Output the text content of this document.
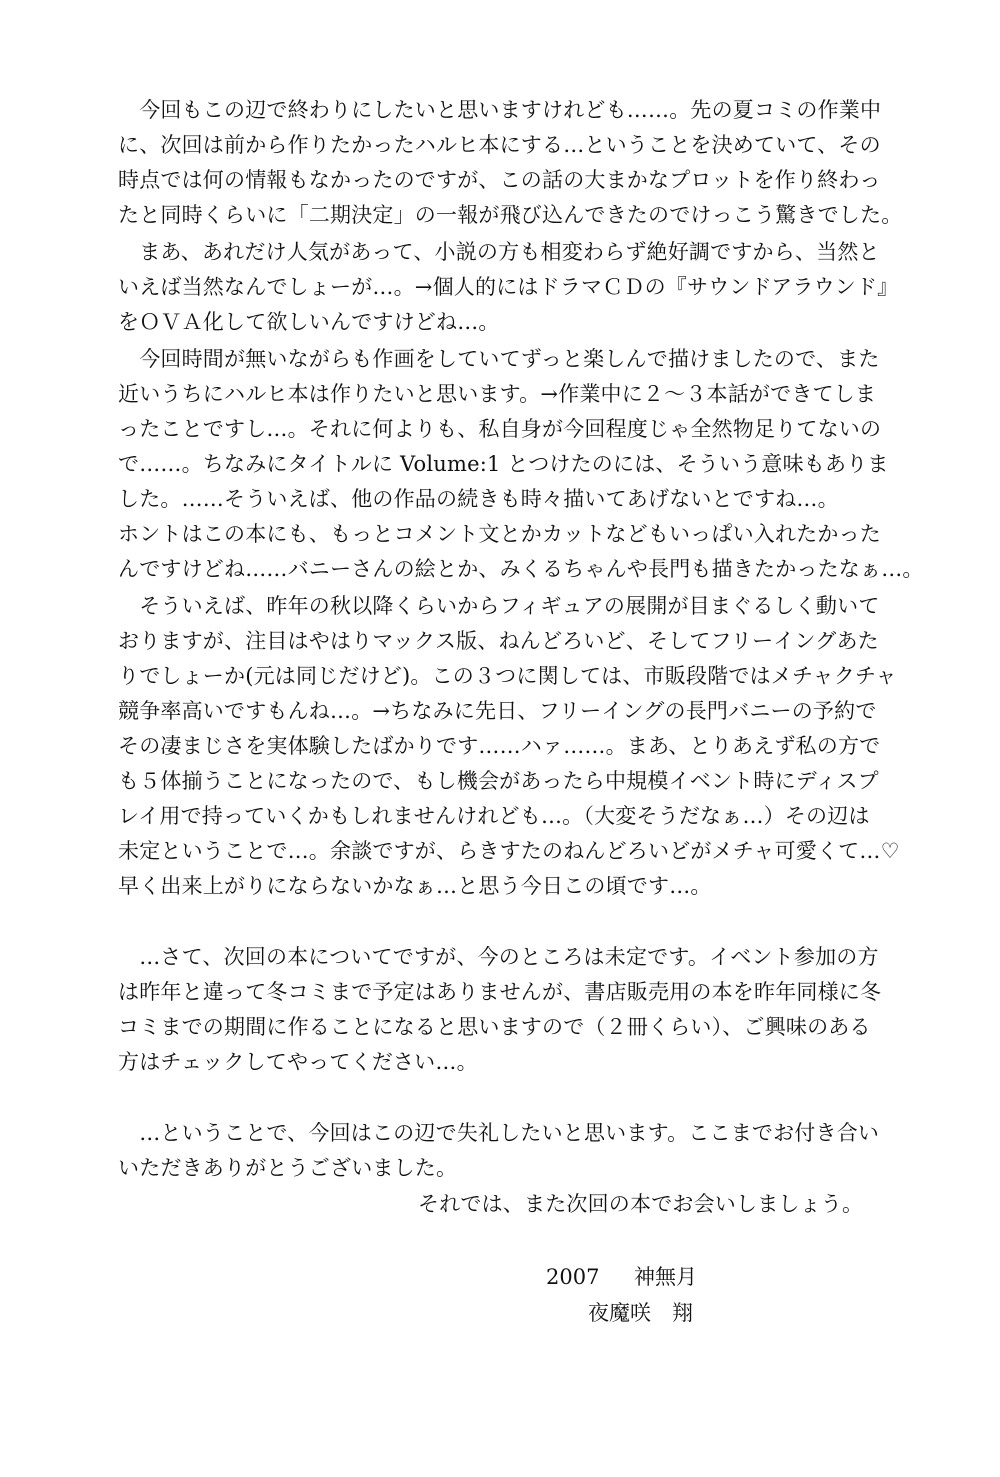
　今回もこの辺で終わりにしたいと思いますけれども……。先の夏コミの作業中
に、次回は前から作りたかったハルヒ本にする…ということを決めていて、その
時点では何の情報もなかったのですが、この話の大まかなプロットを作り終わっ
たと同時くらいに「二期決定」の一報が飛び込んできたのでけっこう驚きでした。
　まあ、あれだけ人気があって、小説の方も相変わらず絶好調ですから、当然と
いえば当然なんでしょーが…。→個人的にはドラマＣＤの『サウンドアラウンド』
をＯＶＡ化して欲しいんですけどね…。
　今回時間が無いながらも作画をしていてずっと楽しんで描けましたので、また
近いうちにハルヒ本は作りたいと思います。→作業中に２～３本話ができてしま
ったことですし…。それに何よりも、私自身が今回程度じゃ全然物足りてないの
で……。ちなみにタイトルに Volume:1 とつけたのには、そういう意味もありま
した。……そういえば、他の作品の続きも時々描いてあげないとですね…。
ホントはこの本にも、もっとコメント文とかカットなどもいっぱい入れたかった
んですけどね……バニーさんの絵とか、みくるちゃんや長門も描きたかったなぁ…。
　そういえば、昨年の秋以降くらいからフィギュアの展開が目まぐるしく動いて
おりますが、注目はやはりマックス版、ねんどろいど、そしてフリーイングあた
りでしょーか(元は同じだけど)。この３つに関しては、市販段階ではメチャクチャ
競争率高いですもんね…。→ちなみに先日、フリーイングの長門バニーの予約で
その凄まじさを実体験したばかりです……ハァ……。まあ、とりあえず私の方で
も５体揃うことになったので、もし機会があったら中規模イベント時にディスプ
レイ用で持っていくかもしれませんけれども…。（大変そうだなぁ…）その辺は
未定ということで…。余談ですが、らきすたのねんどろいどがメチャ可愛くて…♡
早く出来上がりにならないかなぁ…と思う今日この頃です…。
　…さて、次回の本についてですが、今のところは未定です。イベント参加の方
は昨年と違って冬コミまで予定はありませんが、書店販売用の本を昨年同様に冬
コミまでの期間に作ることになると思いますので（２冊くらい）、ご興味のある
方はチェックしてやってください…。
　…ということで、今回はこの辺で失礼したいと思います。ここまでお付き合い
いただきありがとうございました。
それでは、また次回の本でお会いしましょう。
2007 神無月
夜魔咲　翔
